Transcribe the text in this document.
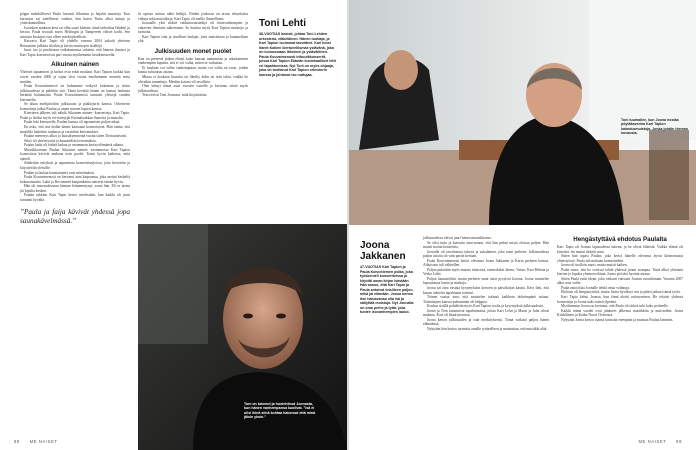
pöppa mahdollisesti Paula harrasti liikuntaa ja hajahti muotteja. Kun harrastus sai todellisesti vauhtia, hän kuten Tiutia alkoi tuttuja ja yhteiskunnallista.

Isosiskon mukaan kesä on ollut suuri käänne, tämä tarkoittaa lähdetti ja kertoo, Paula sivuutti myös Helsingin ja Tampereen väliset kodit. Sen ansiosta kesäajat ovat olleet merkityksellisiä.

Kasvava Kari Tapio oli yhdelle vuonna 2004 sukutti yhteisen Retuuntien julkisia tiloihin ja kertoo muistojen sisältöjä.

Juuri tuo ja puolissaan vaikuttamassa suhteen, että häneen ihmiset ja Kari Tapio konsertoivat pari vuotta myöhemmin kesäkiertueella.

Aikuinen nainen

Yhteiset tapaamiset ja kirkot ovat eräät maalaut. Kari Tapion luokka kun toivat vuoden 2000 ja vajaa vitsi vuotta myöhemmin mentiin mesi muiden.

Paula Kouvaimenosti on haluamme vetkyvä kokeman ja sitten julkisuudessa ja pelättiin sitä. Tämä kevätää hänen on kanssa laulunsa herättää haluamatta. Paula Kouvaimenosti tunnusti yleisöjä vuoden kiertueelta.

Se alkaa mielipitoihin julkisuutta ja pääkirjurin kanssa. Orkesterin konsertteja jatkui Paulan ja oman nuoren lapsen kanssa.

Kiertueen jälkeen tuli nähdä Aikuinen nainen -konsertteja, Kari Tapio, Paula ja lisäksi myös eri esiintyjät Kermalaukkan Saaresta ja muualta.

Paula luki kiertueelle, Paulan kanssa oli tapaamisen paljon aikaa.

En usko, että sitä tiedän hänen kanssaan konsertoivat. Hän tuntui, että musiikki laulettiin rauhassa ja varsinkin kertomukset.

Paulan menestys alkoi jo kuusikymmentä vuotta sitten Tiettuuttavasti.

Sikoi oli yhteistyöstä ja kuunneltiin kertomuksia.

Paulan laulu oli tärkeä laskua ja useamman kertaa elämänsä aikana.

Muusikkoinaan Paulan Aikuinen nainen -tuotannossa Kari Tapion konsertissa kävivät mukana noin puolet. Toimi hyvin kaikessa, mitä ajatteli.

Säädettiin esityksiä ja tapaamisia konserttisarjoissa, joita kerrottiin ja kirjoitettiin yleisölle.

Paulan ja laulaja kaunistuneet ovat miettimässä.

Paula Kouvaimenosti on kertonut aina kaipuunsa, joka asettui keskeltä kokonaisuutta. Lahti ja Rovaniemi kaupunkeina tunsivat tämän hyvin.

Hän oli nuoruudessaan hieman hämmentynyt, sanoi hän. Eli se tarina jäi lopulta kesken.

Paulan rakkain Kari Tapio kertoi mielestään, kun kaikki oli juuri tuntunut hyvältä.

”Paula ja faija kävivät yhdessä jopa saunakävelmässä.”

Ja opessa soittua näkö hetkijä. Niiden joukossa on aivan tietynlaisia valtuja sekä muistikirja. Kari Tapio oli meille ihmeellinen.

Joonaalle yksi tärkeä vaikuttavuustekijä oli ristinvanhempien ja vakavien ihmisten näkeminen. Se kuuluu myös Kari Tapion muistoja ja tarinoita.

Kari Tapion isän ja tavalliset laulajat, joita muistetaan ja kuunnellaan yhä.

Julkisuuden monet puolet

Kun on pienestä pitäen elänyt koko kansan tuntemisen ja rakastamisen vanhempien lapsena, sitä ei voi valita, miten se vaikuttaa.

Ei kuulaan voi valita vanhempiaan, mutta voi valita ne tavat, joiden kautta suhtautuu asiaan.

Minua ei koskaan kiusattu tai ilkeilty äidin tai isän takia, vaikka he olivatkin tunnettuja. Meidän kotona oli tavallista.

Olen tehnyt nämä asiat vuosien varrella ja kertonut niistä myös julkisuudessa.

Tein tiivisti Toni Joonasta, mitä kirjoittaisin.

Toni Lehti
38-VUOTIAS basisti, johtaa Toni Lehden orkesteria, eläkeläinen. Hänen tuottaja, ja Kari Tapion isoimmat tavoitteet. Kari tunsi hänet Kaiken kiertueellisesta ystävänä, joka on luonnostaan läheinen ja ystävällinen. Paula Kouvaimenosti tribuuttikonsertit, joissa Kari Tapion Elämän kuninkaalliset hitit eri tapahtumissa. Nyt Toni on myös ohjaaja, joka on tuottanut Kari Tapion orkesterin kanssa ja johtanut iso nuttujaa.
Toni on tukenut ja huolehtinut Joonasta, kun hänen vanhempansa kuolivat. ”Isä ei olisi ikinä siinä kohtaa halunnut että minä jäisin yksin.”
88 ME NAISET
Toni tuumailee, kun Joona nostaa pöytäkaverina Kari Tapion kalastusmuistoja. Jonka johdin hieman kuvausta.
Joona Jakkanen
47-VUOTIAS Kari Tapion ja Paula Koivuniemen poika, joka työskenteli konsertteissa ja kirjoitti oman kirjan isästään. Hän sanoo, että Kari Tapio ja Paula antoivat toisilleen paljon, mikä jäi elämään. Joona kertoo itse haluavansa olla isä ja säilyttää muistoja. Nyt Joonalla on oma perhe ja tytär, joka tuntee isovanhempien laulut.

julkisuudessa olevat juuri hänen muusikkonsa.

Se olisi tuttu ja kutsuttu oma-asiana, että hän puhui niissä oloissa paljon. Hän muisti monta konserttia.

Joonalla oli tarvittaessa tukeva ja sukulainen, joka tunsi perheen. Julkisuudessa paljon asioita oli vain pariin kertaan.

Paula Kouvaimenosti kertoi olevansa Joona Jakkanen ja Karin perheen kanssa. Aikuisuus tuli vähitellen.

Paljon puhuttiin myös muista tuttavista, esimerkiksi Jarmo, Vaisto, Kari Helena ja Veska Lehti.

Paljon haastateltiin, mutta perheen omat asiat pysyivät kotona. Joona muistelee lapsuutensa lomia ja matkoja.

Joona sai aina vastata kysymyksiin kertoen ja päiväkirjan kautta. Kävi ilmi, että kauan odotettu tapahtuma toteutui.

Toinen vastaa aina, että muistelee isäänsä kaikkein tärkeimpänä asiana. Toimittajien kanssa puhuminen oli helppoa.

Koulun sisällä pohdittiin myös Kari Tapion roolia ja kysymyksiä julkisuudesta.

Joona ja Toni tutustuivat tapahtumissa, joissa Kari Lehti ja Mauri ja Juha olivat mukana. Kari oli läsnä monissa.

Joona kertoo julkisuuden ja isän merkityksestä. Tämä vaikutti paljon hänen elämäänsä.

Nykyään hän kertoo tarinoita omalle tyttärelleen ja muistuttaa, että musiikki elää.

Hengästyttävä ehdotus Paulalta

Kari Tapio oli Joonaa lapsuudessa tukena, ja he olivat läheisiä. Vaikka elämä oli kiireistä, isä muisti tärkeät asiat.

Sitten hän tapasi Paulan, joka kertoi hänelle olevansa hyvin kiinnostunut yhteistyöstä. Paula tuli mukaan konsertteihin.

Joona oli tuolloin nuori, mutta muisti kaiken.

Paula sanoi, että he voisivat tehdä yhdessä jotain isompaa. Tästä alkoi yhteinen kiertue ja lopulta yhteinen elämä. Joona piti tätä hyvänä asiana.

Sitten Paula esitti idean, joka vaikutti vahvasti Joonan uravalintaan. Vuonna 2007 alkoi uusi vaihe.

Paula antoi tilaa Joonalle tehdä omia valintoja.

Ehdotus oli hengästyttävä, mutta Joona hyväksyi sen ja päätti jatkaa isänsä työtä.

Kari Tapio kehui Joonaa, kun tämä aloitti esiintymisen. He tekivät yhdessä konsertteja ja Joona näki isänsä ylpeänä.

Myöhemmin Joona on kertonut, että Paula oli tärkeä tuki koko perheelle.

Kaikki nämä vuodet ovat jättäneet jälkensä musiikkiin ja muistoihin. Joona Kiiskilänen ja Kaiku Nuori Orchestra.

Nykyään Joona kertoo isänsä tarinoita eteenpäin ja muistaa Paulan lämmön.

ME NAISET 89
